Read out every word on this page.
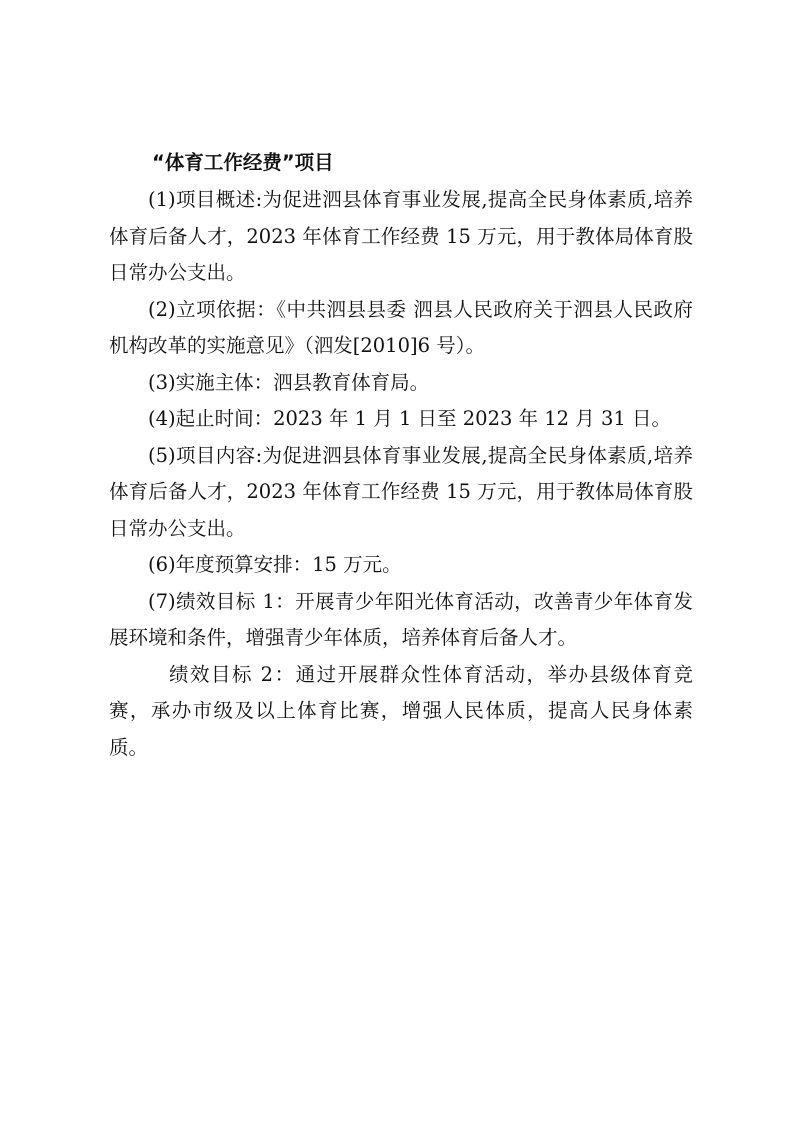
“体育工作经费”项目

(1)项目概述:为促进泗县体育事业发展,提高全民身体素质,培养体育后备人才，2023 年体育工作经费 15 万元，用于教体局体育股日常办公支出。

(2)立项依据：《中共泗县县委 泗县人民政府关于泗县人民政府机构改革的实施意见》（泗发[2010]6 号）。

(3)实施主体：泗县教育体育局。

(4)起止时间：2023 年 1 月 1 日至 2023 年 12 月 31 日。

(5)项目内容:为促进泗县体育事业发展,提高全民身体素质,培养体育后备人才，2023 年体育工作经费 15 万元，用于教体局体育股日常办公支出。

(6)年度预算安排：15 万元。

(7)绩效目标 1：开展青少年阳光体育活动，改善青少年体育发展环境和条件，增强青少年体质，培养体育后备人才。

绩效目标 2：通过开展群众性体育活动，举办县级体育竞赛，承办市级及以上体育比赛，增强人民体质，提高人民身体素质。
